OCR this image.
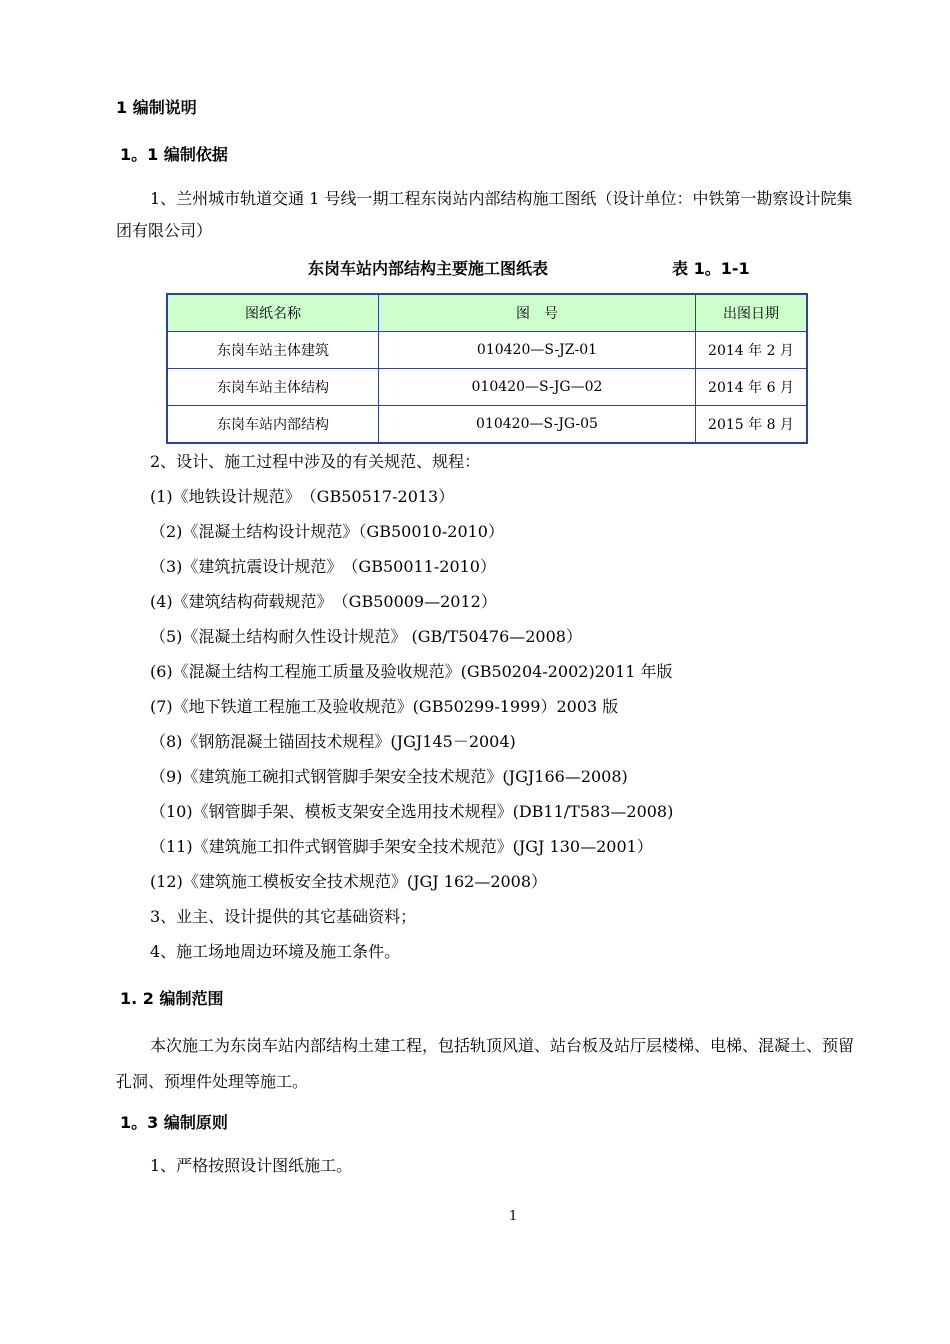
1 编制说明
1。1 编制依据
1、兰州城市轨道交通 1 号线一期工程东岗站内部结构施工图纸（设计单位：中铁第一勘察设计院集团有限公司）
东岗车站内部结构主要施工图纸表	表 1。1-1
图纸名称	图　号	出图日期
东岗车站主体建筑	010420—S-JZ-01	2014 年 2 月
东岗车站主体结构	010420—S-JG—02	2014 年 6 月
东岗车站内部结构	010420—S-JG-05	2015 年 8 月
2、设计、施工过程中涉及的有关规范、规程：
(1)《地铁设计规范》　（GB50517-2013）
（2)《混凝土结构设计规范》（GB50010-2010）
（3)《建筑抗震设计规范》　（GB50011-2010）
(4)《建筑结构荷载规范》　（GB50009—2012）
（5)《混凝土结构耐久性设计规范》 (GB/T50476—2008）
(6)《混凝土结构工程施工质量及验收规范》(GB50204-2002)2011 年版
(7)《地下铁道工程施工及验收规范》(GB50299-1999）2003 版
（8)《钢筋混凝土锚固技术规程》(JGJ145－2004)
（9)《建筑施工碗扣式钢管脚手架安全技术规范》(JGJ166—2008)
（10)《钢管脚手架、模板支架安全选用技术规程》(DB11/T583—2008)
（11)《建筑施工扣件式钢管脚手架安全技术规范》(JGJ 130—2001）
(12)《建筑施工模板安全技术规范》(JGJ 162—2008）
3、业主、设计提供的其它基础资料；
4、施工场地周边环境及施工条件。
1. 2 编制范围
本次施工为东岗车站内部结构土建工程，包括轨顶风道、站台板及站厅层楼梯、电梯、混凝土、预留孔洞、预埋件处理等施工。
1。3 编制原则
1、严格按照设计图纸施工。
1
